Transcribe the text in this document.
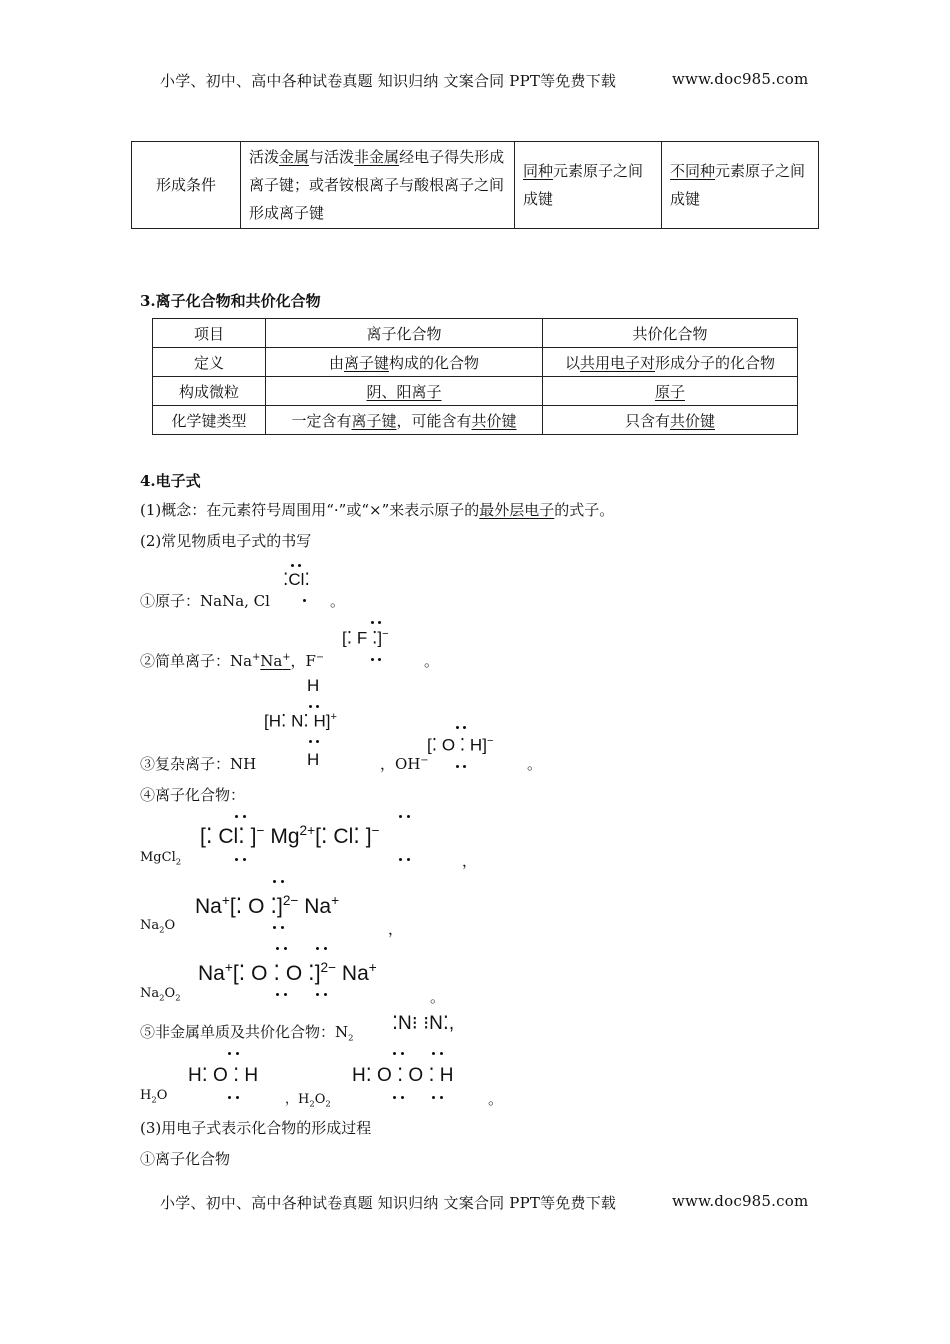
小学、初中、高中各种试卷真题 知识归纳 文案合同 PPT等免费下载	www.doc985.com
形成条件	活泼金属与活泼非金属经电子得失形成离子键；或者铵根离子与酸根离子之间形成离子键	同种元素原子之间成键	不同种元素原子之间成键
3.离子化合物和共价化合物
项目	离子化合物	共价化合物
定义	由离子键构成的化合物	以共用电子对形成分子的化合物
构成微粒	阴、阳离子	原子
化学键类型	一定含有离子键，可能含有共价键	只含有共价键
4.电子式
(1)概念：在元素符号周围用“·”或“×”来表示原子的最外层电子的式子。
(2)常见物质电子式的书写
①原子：NaNa, Cl
⁚Cl⁚
。
②简单离子：Na+Na+，F−
[⁚ F ⁚]−
。
H
[H⁚ N⁚ H]+
H
③复杂离子：NH	，OH−
[⁚ O ⁚ H]−
。
④离子化合物：
MgCl$_2$
[⁚ Cl⁚ ]− $Mg^{2+}[⁚$ Cl⁚ ]−
，
$Na_2O$
Na+[⁚ O ⁚]$^{2-}$ Na+
，
$Na_2O_2$
Na+[⁚ O ⁚ O ⁚]$^{2-}$ Na+
。
⑤非金属单质及共价化合物：$N_2$
⁚N⁝ ⁝N⁚,
$H_2O$
H⁚ O ⁚ H
，$H_2O_2$
H⁚ O ⁚ O ⁚ H
。
(3)用电子式表示化合物的形成过程
①离子化合物
小学、初中、高中各种试卷真题 知识归纳 文案合同 PPT等免费下载	www.doc985.com
